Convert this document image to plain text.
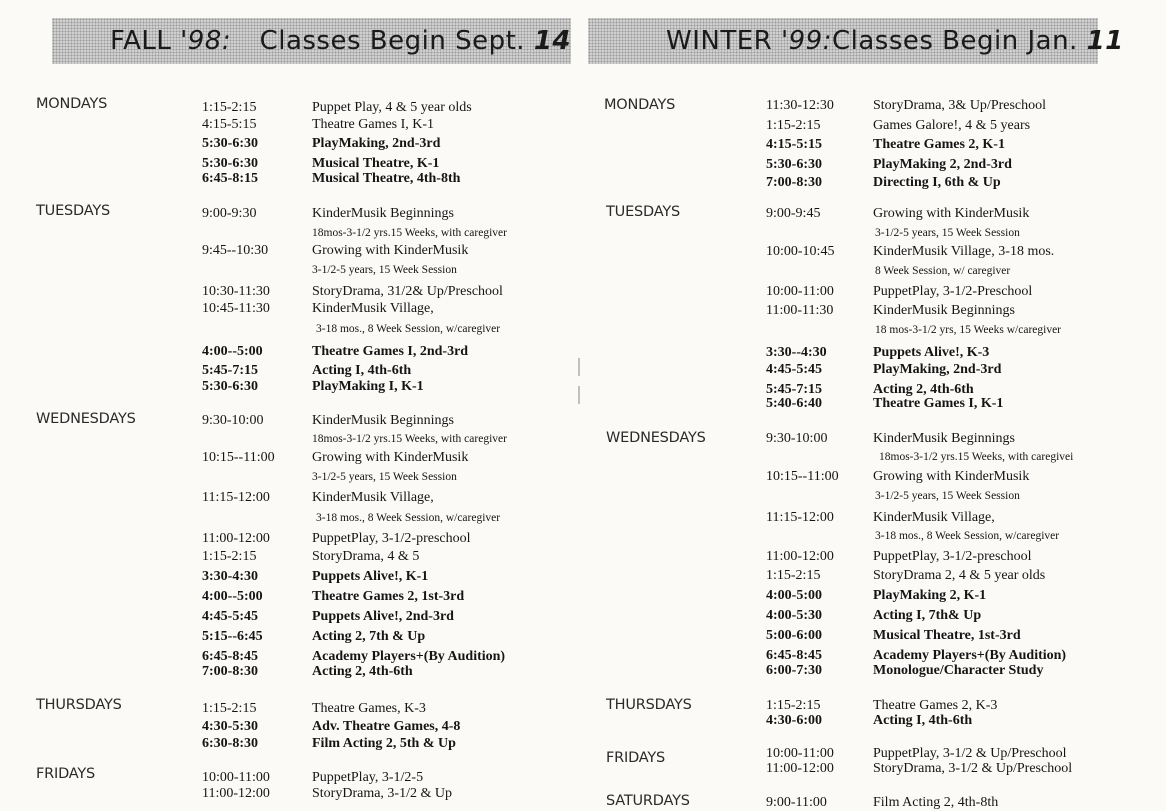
FALL
'98: Classes Begin Sept.
14	WINTER
'99: Classes Begin Jan.
11
MONDAYS	1:15-2:15	Puppet Play, 4 & 5 year olds
4:15-5:15	Theatre Games I, K-1
5:30-6:30	PlayMaking, 2nd-3rd
5:30-6:30	Musical Theatre, K-1
6:45-8:15	Musical Theatre, 4th-8th
TUESDAYS	9:00-9:30	KinderMusik Beginnings
18mos-3-1/2 yrs.15 Weeks, with caregiver
9:45--10:30	Growing with KinderMusik
3-1/2-5 years, 15 Week Session
10:30-11:30	StoryDrama, 31/2& Up/Preschool
10:45-11:30	KinderMusik Village,
3-18 mos., 8 Week Session, w/caregiver
4:00--5:00	Theatre Games I, 2nd-3rd
5:45-7:15	Acting I, 4th-6th
5:30-6:30	PlayMaking I, K-1
WEDNESDAYS	9:30-10:00	KinderMusik Beginnings
18mos-3-1/2 yrs.15 Weeks, with caregiver
10:15--11:00	Growing with KinderMusik
3-1/2-5 years, 15 Week Session
11:15-12:00	KinderMusik Village,
3-18 mos., 8 Week Session, w/caregiver
11:00-12:00	PuppetPlay, 3-1/2-preschool
1:15-2:15	StoryDrama, 4 & 5
3:30-4:30	Puppets Alive!, K-1
4:00--5:00	Theatre Games 2, 1st-3rd
4:45-5:45	Puppets Alive!, 2nd-3rd
5:15--6:45	Acting 2, 7th & Up
6:45-8:45	Academy Players+(By Audition)
7:00-8:30	Acting 2, 4th-6th
THURSDAYS	1:15-2:15	Theatre Games, K-3
4:30-5:30	Adv. Theatre Games, 4-8
6:30-8:30	Film Acting 2, 5th & Up
FRIDAYS	10:00-11:00	PuppetPlay, 3-1/2-5
11:00-12:00	StoryDrama, 3-1/2 & Up
MONDAYS	11:30-12:30	StoryDrama, 3& Up/Preschool
1:15-2:15	Games Galore!, 4 & 5 years
4:15-5:15	Theatre Games 2, K-1
5:30-6:30	PlayMaking 2, 2nd-3rd
7:00-8:30	Directing I, 6th & Up
TUESDAYS	9:00-9:45	Growing with KinderMusik
3-1/2-5 years, 15 Week Session
10:00-10:45	KinderMusik Village, 3-18 mos.
8 Week Session, w/ caregiver
10:00-11:00	PuppetPlay, 3-1/2-Preschool
11:00-11:30	KinderMusik Beginnings
18 mos-3-1/2 yrs, 15 Weeks w/caregiver
3:30--4:30	Puppets Alive!, K-3
4:45-5:45	PlayMaking, 2nd-3rd
5:45-7:15	Acting 2, 4th-6th
5:40-6:40	Theatre Games I, K-1
WEDNESDAYS	9:30-10:00	KinderMusik Beginnings
18mos-3-1/2 yrs.15 Weeks, with caregivei
10:15--11:00 Growing with KinderMusik
3-1/2-5 years, 15 Week Session
11:15-12:00	KinderMusik Village,
3-18 mos., 8 Week Session, w/caregiver
11:00-12:00	PuppetPlay, 3-1/2-preschool
1:15-2:15	StoryDrama 2, 4 & 5 year olds
4:00-5:00	PlayMaking 2, K-1
4:00-5:30	Acting I, 7th& Up
5:00-6:00	Musical Theatre, 1st-3rd
6:45-8:45	Academy Players+(By Audition)
6:00-7:30	Monologue/Character Study
THURSDAYS	1:15-2:15	Theatre Games 2, K-3
4:30-6:00	Acting I, 4th-6th
FRIDAYS	10:00-11:00	PuppetPlay, 3-1/2 & Up/Preschool
11:00-12:00	StoryDrama, 3-1/2 & Up/Preschool
SATURDAYS	9:00-11:00	Film Acting 2, 4th-8th
